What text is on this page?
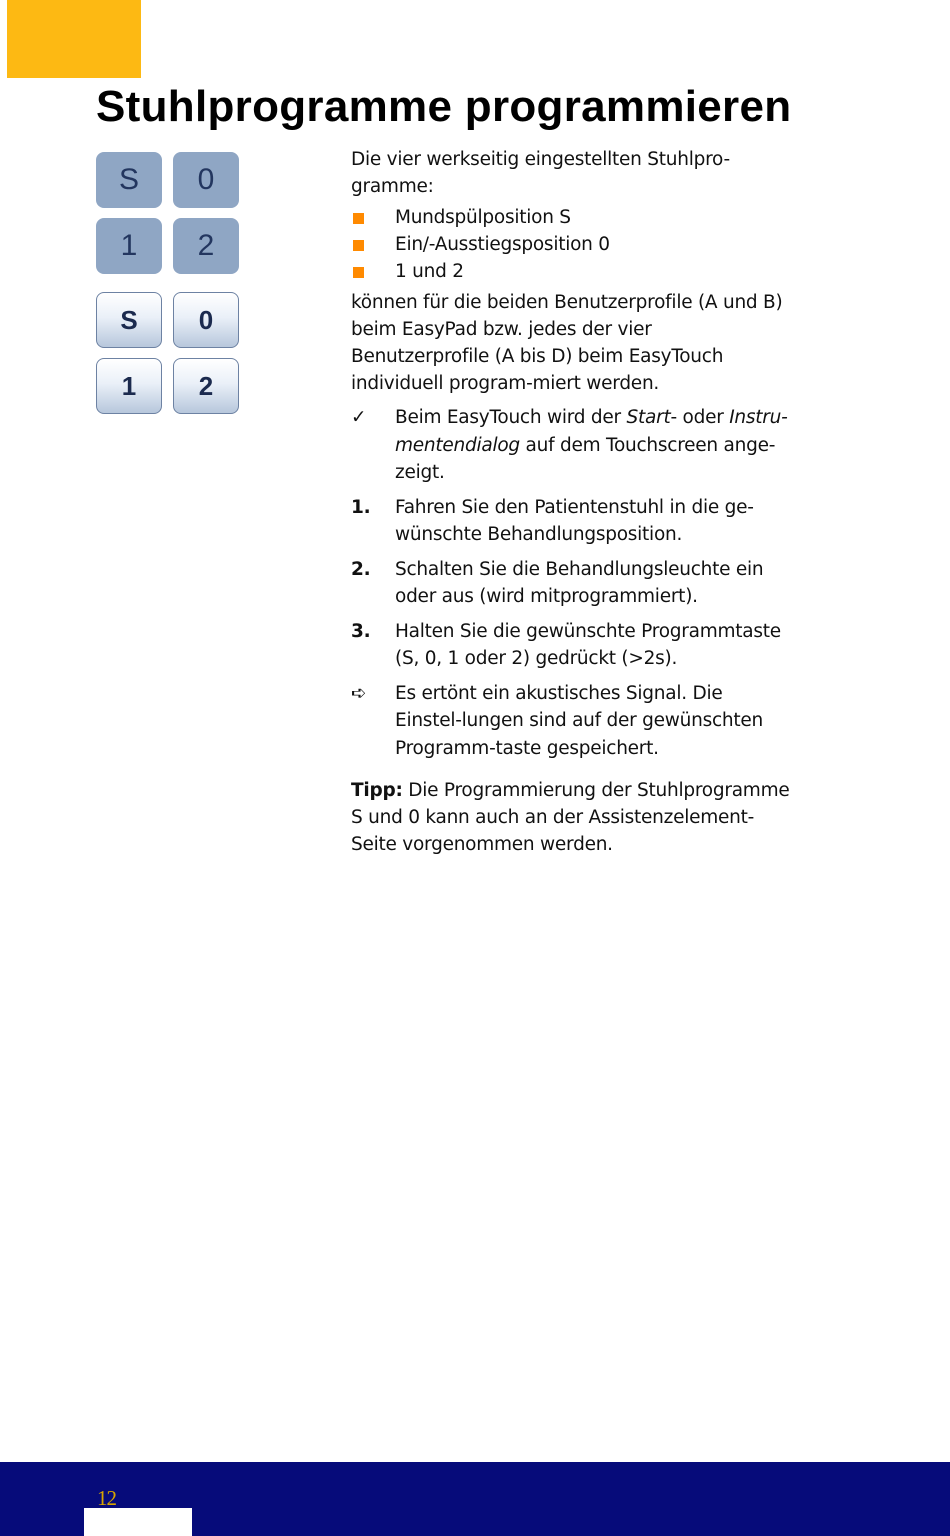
Stuhlprogramme programmieren
S	0
1	2
S	0
1	2

Die vier werkseitig eingestellten Stuhlpro-
gramme:

Mundspülposition S
Ein/-Ausstiegsposition 0
1 und 2

können für die beiden Benutzerprofile (A und B) beim EasyPad bzw. jedes der vier Benutzerprofile (A bis D) beim EasyTouch individuell program-miert werden.

✓ Beim EasyTouch wird der Start- oder Instru-mentendialog auf dem Touchscreen ange-zeigt.
1. Fahren Sie den Patientenstuhl in die ge-wünschte Behandlungsposition.
2. Schalten Sie die Behandlungsleuchte ein oder aus (wird mitprogrammiert).
3. Halten Sie die gewünschte Programmtaste (S, 0, 1 oder 2) gedrückt (>2s).
➪ Es ertönt ein akustisches Signal. Die Einstel-lungen sind auf der gewünschten Programm-taste gespeichert.

Tipp: Die Programmierung der Stuhlprogramme S und 0 kann auch an der Assistenzelement-Seite vorgenommen werden.

12
